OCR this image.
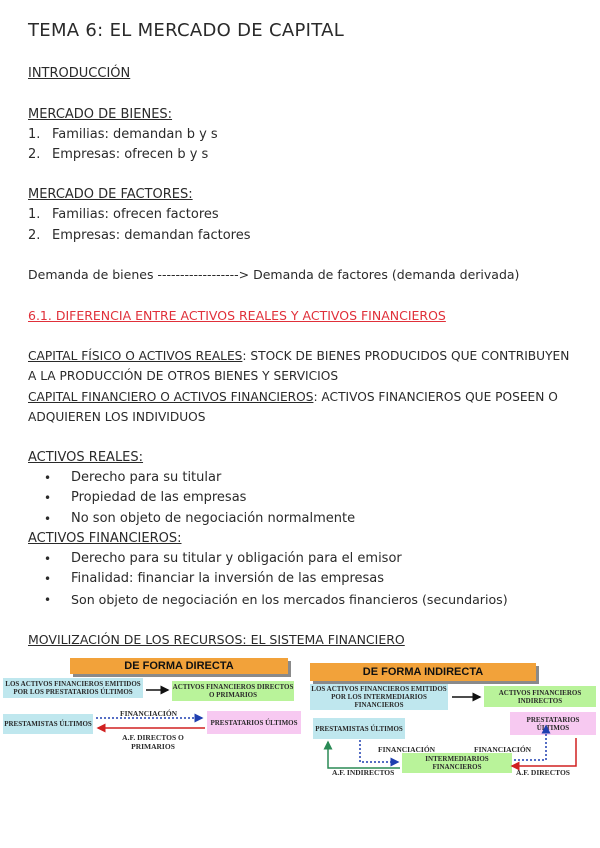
TEMA 6: EL MERCADO DE CAPITAL
INTRODUCCIÓN
MERCADO DE BIENES:
1. Familias: demandan b y s
2. Empresas: ofrecen b y s
MERCADO DE FACTORES:
1. Familias: ofrecen factores
2. Empresas: demandan factores
Demanda de bienes ------------------> Demanda de factores (demanda derivada)
6.1. DIFERENCIA ENTRE ACTIVOS REALES Y ACTIVOS FINANCIEROS
CAPITAL FÍSICO O ACTIVOS REALES: STOCK DE BIENES PRODUCIDOS QUE CONTRIBUYEN
A LA PRODUCCIÓN DE OTROS BIENES Y SERVICIOS
CAPITAL FINANCIERO O ACTIVOS FINANCIEROS: ACTIVOS FINANCIEROS QUE POSEEN O
ADQUIEREN LOS INDIVIDUOS
ACTIVOS REALES:
• Derecho para su titular
• Propiedad de las empresas
• No son objeto de negociación normalmente
ACTIVOS FINANCIEROS:
• Derecho para su titular y obligación para el emisor
• Finalidad: financiar la inversión de las empresas
• Son objeto de negociación en los mercados financieros (secundarios)
MOVILIZACIÓN DE LOS RECURSOS: EL SISTEMA FINANCIERO
DE FORMA DIRECTA
LOS ACTIVOS FINANCIEROS EMITIDOS POR LOS PRESTATARIOS ÚLTIMOS
ACTIVOS FINANCIEROS DIRECTOS O PRIMARIOS
PRESTAMISTAS ÚLTIMOS	PRESTATARIOS ÚLTIMOS
FINANCIACIÓN
A.F. DIRECTOS O PRIMARIOS
DE FORMA INDIRECTA
LOS ACTIVOS FINANCIEROS EMITIDOS POR LOS INTERMEDIARIOS FINANCIEROS
ACTIVOS FINANCIEROS INDIRECTOS
PRESTAMISTAS ÚLTIMOS
PRESTATARIOS ÚLTIMOS
INTERMEDIARIOS FINANCIEROS
FINANCIACIÓN	FINANCIACIÓN
A.F. INDIRECTOS	A.F. DIRECTOS
